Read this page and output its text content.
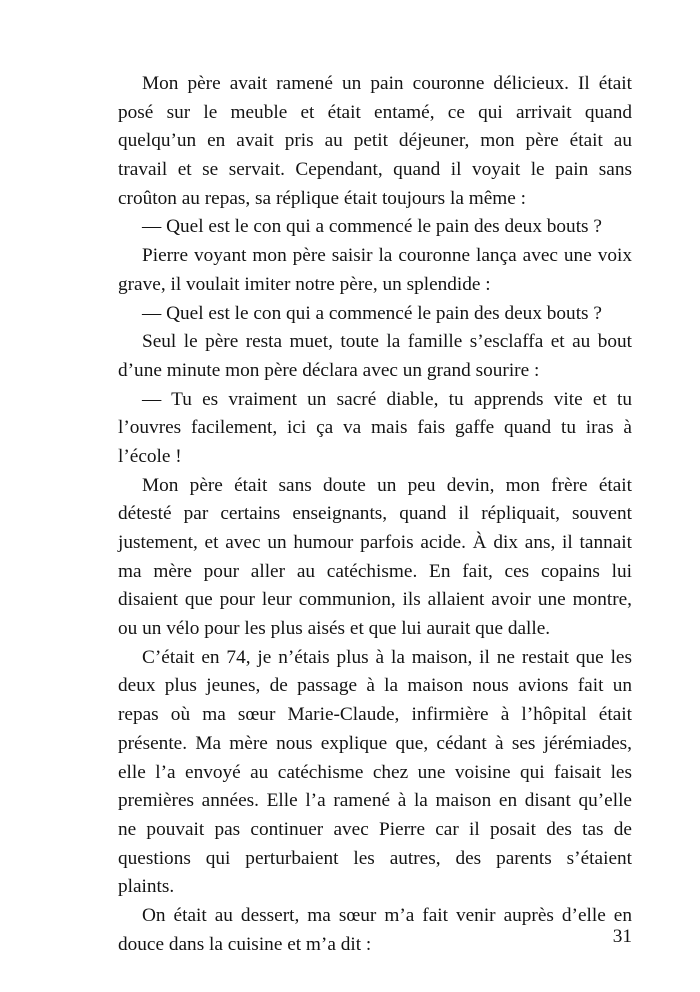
Mon père avait ramené un pain couronne délicieux. Il était
posé sur le meuble et était entamé, ce qui arrivait quand
quelqu’un en avait pris au petit déjeuner, mon père était au
travail et se servait. Cependant, quand il voyait le pain sans
croûton au repas, sa réplique était toujours la même :
— Quel est le con qui a commencé le pain des deux bouts ?
Pierre voyant mon père saisir la couronne lança avec une voix
grave, il voulait imiter notre père, un splendide :
— Quel est le con qui a commencé le pain des deux bouts ?
Seul le père resta muet, toute la famille s’esclaffa et au bout
d’une minute mon père déclara avec un grand sourire :
— Tu es vraiment un sacré diable, tu apprends vite et tu
l’ouvres facilement, ici ça va mais fais gaffe quand tu iras à
l’école !
Mon père était sans doute un peu devin, mon frère était
détesté par certains enseignants, quand il répliquait, souvent
justement, et avec un humour parfois acide. À dix ans, il tannait
ma mère pour aller au catéchisme. En fait, ces copains lui
disaient que pour leur communion, ils allaient avoir une montre,
ou un vélo pour les plus aisés et que lui aurait que dalle.
C’était en 74, je n’étais plus à la maison, il ne restait que les
deux plus jeunes, de passage à la maison nous avions fait un
repas où ma sœur Marie-Claude, infirmière à l’hôpital était
présente. Ma mère nous explique que, cédant à ses jérémiades,
elle l’a envoyé au catéchisme chez une voisine qui faisait les
premières années. Elle l’a ramené à la maison en disant qu’elle
ne pouvait pas continuer avec Pierre car il posait des tas de
questions qui perturbaient les autres, des parents s’étaient
plaints.
On était au dessert, ma sœur m’a fait venir auprès d’elle en
douce dans la cuisine et m’a dit :	31
